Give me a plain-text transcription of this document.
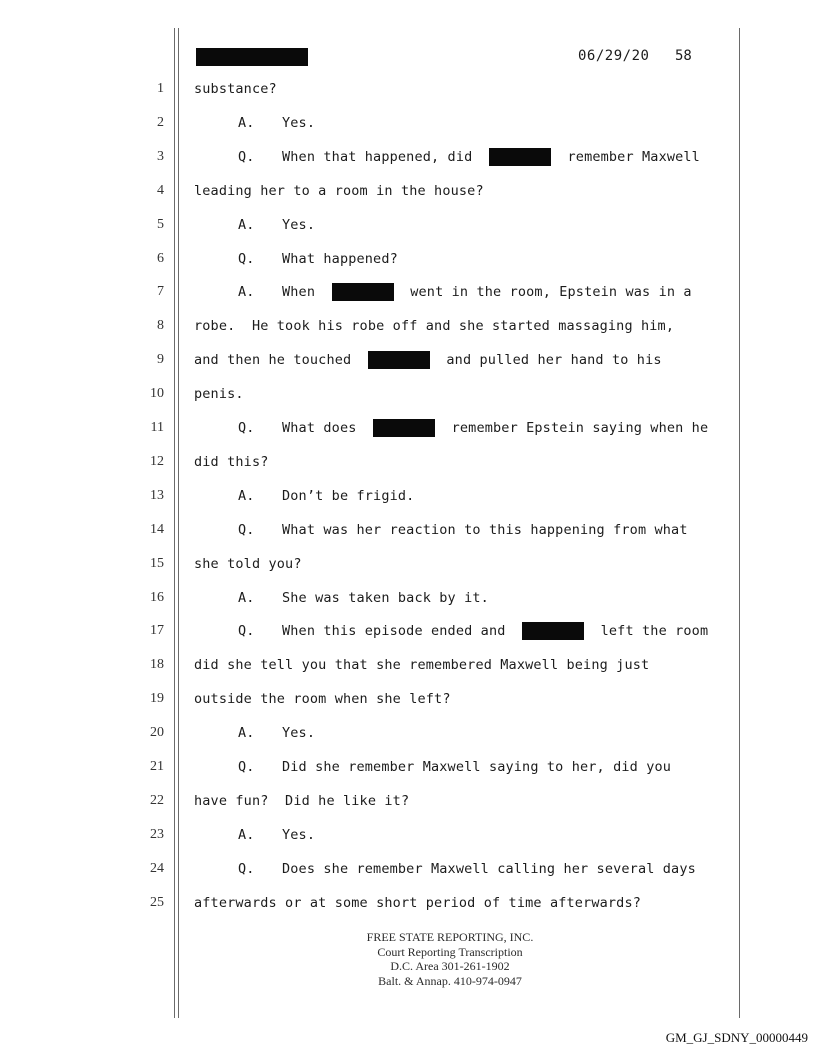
06/29/20 58
1 substance?
2	A. Yes.
3	Q. When that happened, did	remember Maxwell
4 leading her to a room in the house?
5	A. Yes.
6	Q. What happened?
7	A. When	went in the room, Epstein was in a
8 robe.  He took his robe off and she started massaging him,
9 and then he touched	and pulled her hand to his
10 penis.
11	Q. What does	remember Epstein saying when he
12 did this?
13	A. Don’t be frigid.
14	Q. What was her reaction to this happening from what
15 she told you?
16	A. She was taken back by it.
17	Q. When this episode ended and	left the room
18 did she tell you that she remembered Maxwell being just
19 outside the room when she left?
20	A. Yes.
21	Q. Did she remember Maxwell saying to her, did you
22 have fun?  Did he like it?
23	A. Yes.
24	Q. Does she remember Maxwell calling her several days
25 afterwards or at some short period of time afterwards?
FREE STATE REPORTING, INC.
Court Reporting Transcription
D.C. Area 301-261-1902
Balt. & Annap. 410-974-0947
GM_GJ_SDNY_00000449
